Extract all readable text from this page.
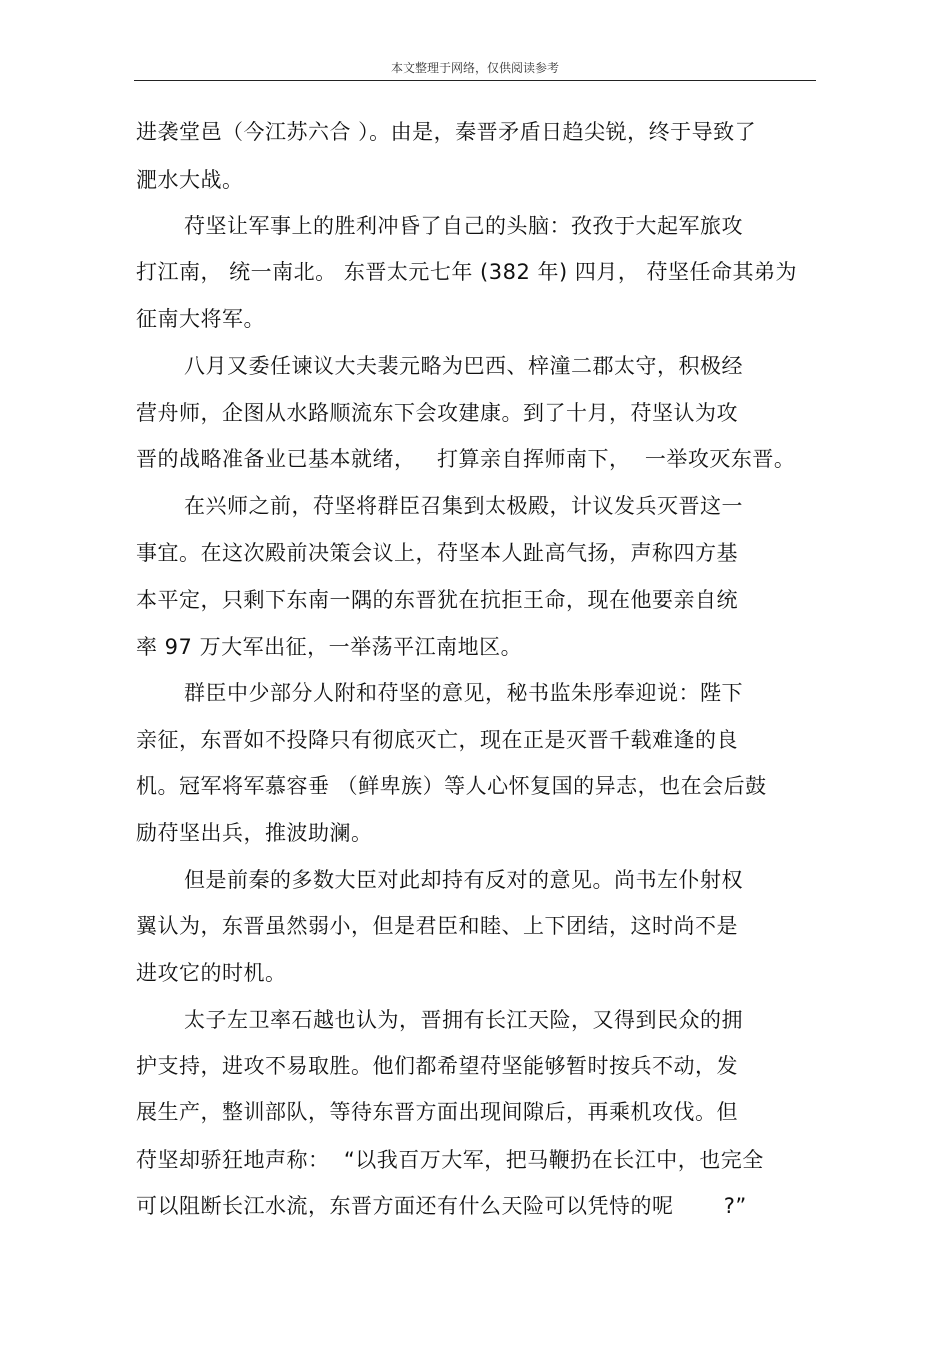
本文整理于网络，仅供阅读参考
进袭堂邑（今江苏六合 ）。由是，秦晋矛盾日趋尖锐，终于导致了
淝水大战。
苻坚让军事上的胜利冲昏了自己的头脑：孜孜于大起军旅攻
打江南， 统一南北。 东晋太元七年 (382 年) 四月， 苻坚任命其弟为
征南大将军。
八月又委任谏议大夫裴元略为巴西、梓潼二郡太守，积极经
营舟师，企图从水路顺流东下会攻建康。到了十月，苻坚认为攻
晋的战略准备业已基本就绪，   打算亲自挥师南下，  一举攻灭东晋。
在兴师之前，苻坚将群臣召集到太极殿，计议发兵灭晋这一
事宜。在这次殿前决策会议上，苻坚本人趾高气扬，声称四方基
本平定，只剩下东南一隅的东晋犹在抗拒王命，现在他要亲自统
率 97 万大军出征，一举荡平江南地区。
群臣中少部分人附和苻坚的意见，秘书监朱彤奉迎说：陛下
亲征，东晋如不投降只有彻底灭亡，现在正是灭晋千载难逢的良
机。冠军将军慕容垂 （鲜卑族）等人心怀复国的异志，也在会后鼓
励苻坚出兵，推波助澜。
但是前秦的多数大臣对此却持有反对的意见。尚书左仆射权
翼认为，东晋虽然弱小，但是君臣和睦、上下团结，这时尚不是
进攻它的时机。
太子左卫率石越也认为，晋拥有长江天险，又得到民众的拥
护支持，进攻不易取胜。他们都希望苻坚能够暂时按兵不动，发
展生产，整训部队，等待东晋方面出现间隙后，再乘机攻伐。但
苻坚却骄狂地声称：  “以我百万大军，把马鞭扔在长江中，也完全
可以阻断长江水流，东晋方面还有什么天险可以凭恃的呢       ?”
